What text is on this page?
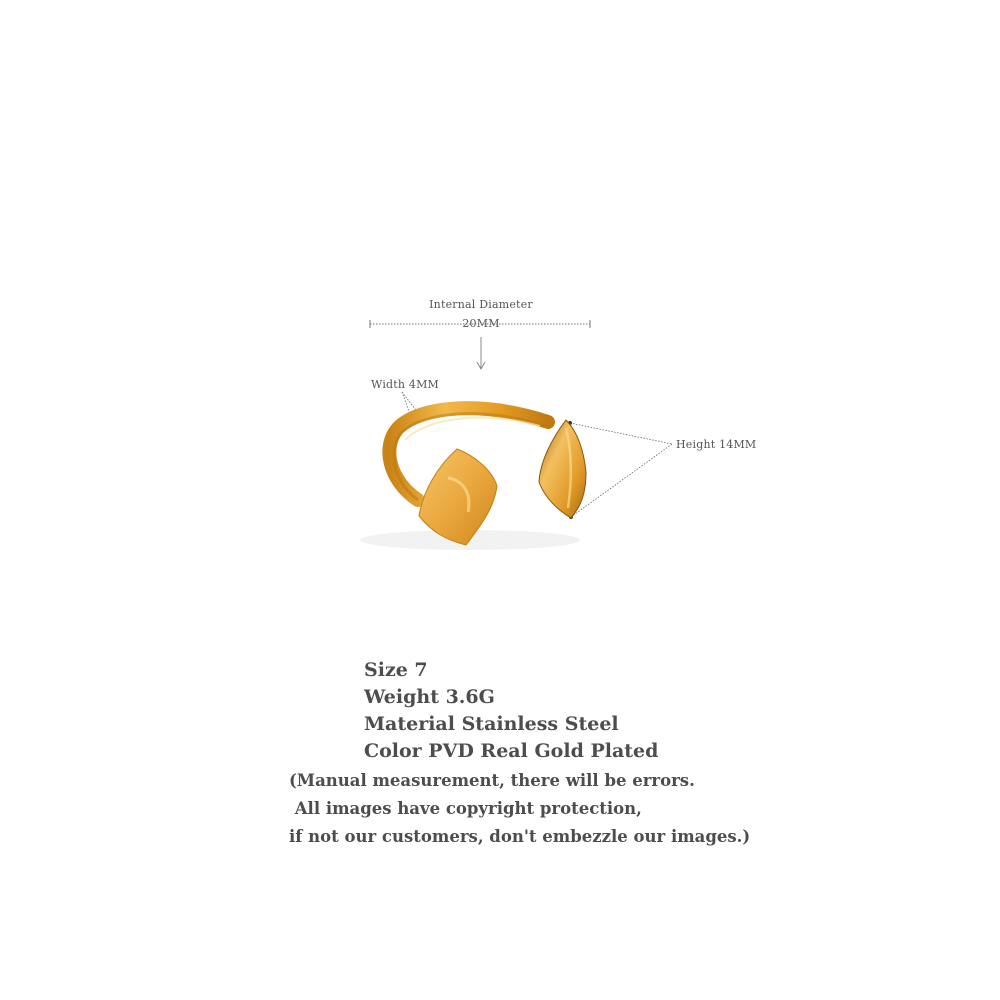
Internal Diameter
20MM
Width 4MM
Height 14MM
Size 7
Weight 3.6G
Material Stainless Steel
Color PVD Real Gold Plated
(Manual measurement, there will be errors.
All images have copyright protection,
if not our customers, don't embezzle our images.)
